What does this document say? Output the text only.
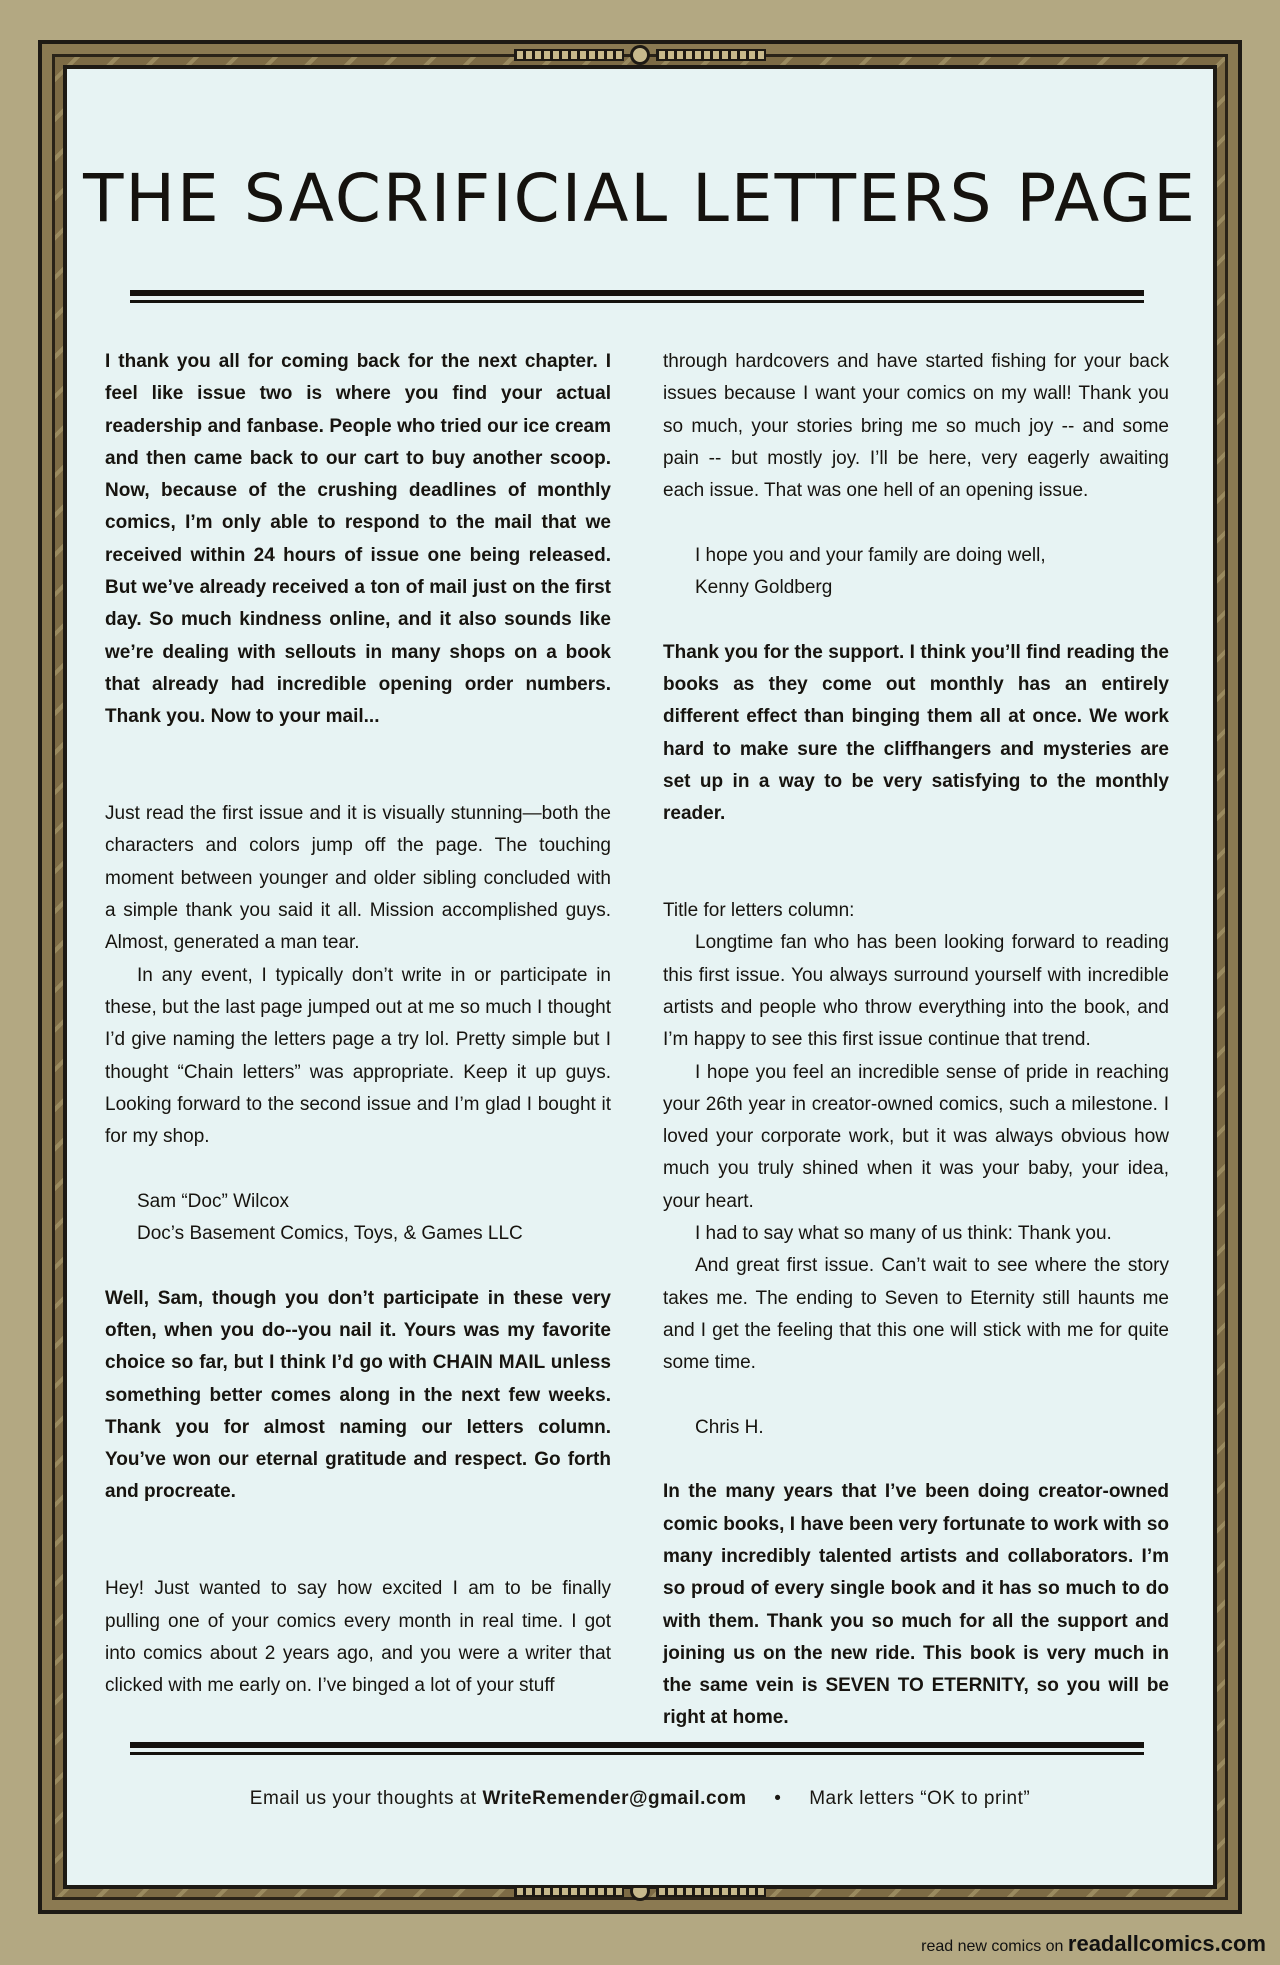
THE SACRIFICIAL LETTERS PAGE

I thank you all for coming back for the next chapter. I feel like issue two is where you find your actual readership and fanbase. People who tried our ice cream and then came back to our cart to buy another scoop. Now, because of the crushing deadlines of monthly comics, I’m only able to respond to the mail that we received within 24 hours of issue one being released. But we’ve already received a ton of mail just on the first day. So much kindness online, and it also sounds like we’re dealing with sellouts in many shops on a book that already had incredible opening order numbers. Thank you. Now to your mail...

Just read the first issue and it is visually stunning—both the characters and colors jump off the page. The touching moment between younger and older sibling concluded with a simple thank you said it all. Mission accomplished guys. Almost, generated a man tear.

In any event, I typically don’t write in or participate in these, but the last page jumped out at me so much I thought I’d give naming the letters page a try lol. Pretty simple but I thought “Chain letters” was appropriate. Keep it up guys. Looking forward to the second issue and I’m glad I bought it for my shop.

Sam “Doc” Wilcox

Doc’s Basement Comics, Toys, & Games LLC

Well, Sam, though you don’t participate in these very often, when you do--you nail it. Yours was my favorite choice so far, but I think I’d go with CHAIN MAIL unless something better comes along in the next few weeks. Thank you for almost naming our letters column. You’ve won our eternal gratitude and respect. Go forth and procreate.

Hey! Just wanted to say how excited I am to be finally pulling one of your comics every month in real time. I got into comics about 2 years ago, and you were a writer that clicked with me early on. I’ve binged a lot of your stuff

through hardcovers and have started fishing for your back issues because I want your comics on my wall! Thank you so much, your stories bring me so much joy -- and some pain -- but mostly joy. I’ll be here, very eagerly awaiting each issue. That was one hell of an opening issue.

I hope you and your family are doing well,

Kenny Goldberg

Thank you for the support. I think you’ll find reading the books as they come out monthly has an entirely different effect than binging them all at once. We work hard to make sure the cliffhangers and mysteries are set up in a way to be very satisfying to the monthly reader.

Title for letters column:

Longtime fan who has been looking forward to reading this first issue. You always surround yourself with incredible artists and people who throw everything into the book, and I’m happy to see this first issue continue that trend.

I hope you feel an incredible sense of pride in reaching your 26th year in creator-owned comics, such a milestone. I loved your corporate work, but it was always obvious how much you truly shined when it was your baby, your idea, your heart.

I had to say what so many of us think: Thank you.

And great first issue. Can’t wait to see where the story takes me. The ending to Seven to Eternity still haunts me and I get the feeling that this one will stick with me for quite some time.

Chris H.

In the many years that I’ve been doing creator-owned comic books, I have been very fortunate to work with so many incredibly talented artists and collaborators. I’m so proud of every single book and it has so much to do with them. Thank you so much for all the support and joining us on the new ride. This book is very much in the same vein is SEVEN TO ETERNITY, so you will be right at home.

Email us your thoughts at WriteRemender@gmail.com • Mark letters “OK to print”
read new comics on readallcomics.com
